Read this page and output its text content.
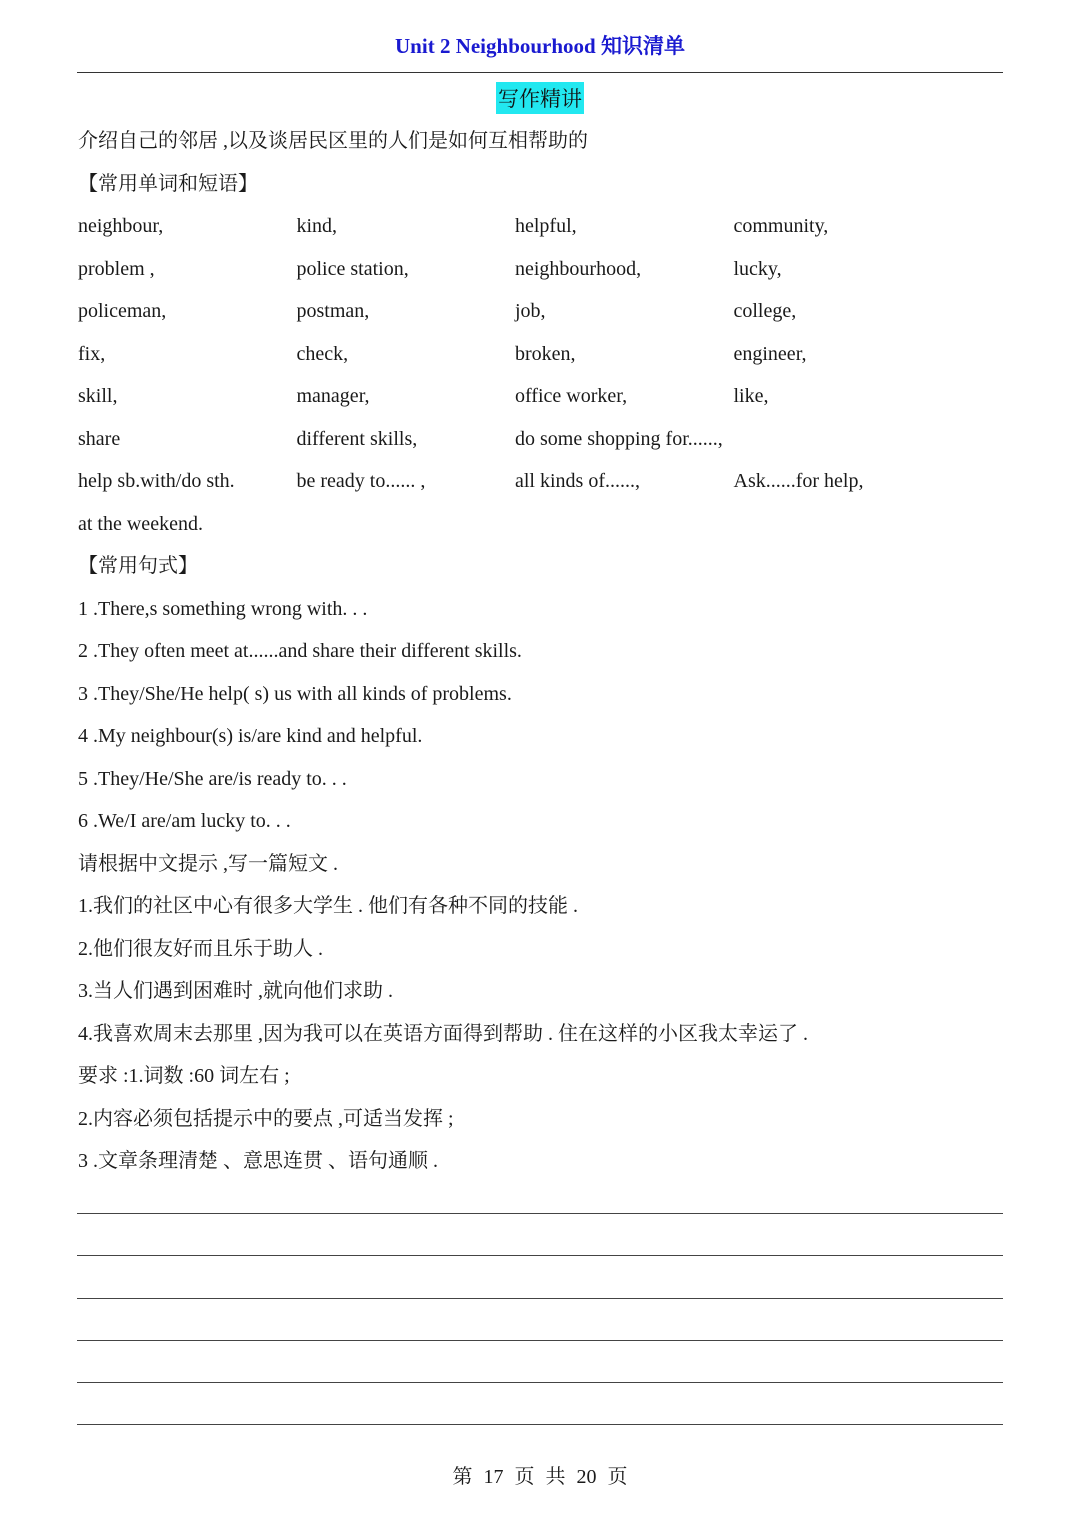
Unit 2 Neighbourhood 知识清单
写作精讲
介绍自己的邻居 ,以及谈居民区里的人们是如何互相帮助的
【常用单词和短语】
neighbour,	kind,	helpful,	community,
problem ,	police station,	neighbourhood,	lucky,
policeman,	postman,	job,	college,
fix,	check,	broken,	engineer,
skill,	manager,	office worker,	like,
share	different skills,	do some shopping for......,
help sb.with/do sth.	be ready to...... ,	all kinds of......,	Ask......for help,
at the weekend.
【常用句式】
1 .There,s something wrong with. . .
2 .They often meet at......and share their different skills.
3 .They/She/He help( s) us with all kinds of problems.
4 .My neighbour(s) is/are kind and helpful.
5 .They/He/She are/is ready to. . .
6 .We/I are/am lucky to. . .
请根据中文提示 ,写一篇短文 .
1.我们的社区中心有很多大学生 . 他们有各种不同的技能 .
2.他们很友好而且乐于助人 .
3.当人们遇到困难时 ,就向他们求助 .
4.我喜欢周末去那里 ,因为我可以在英语方面得到帮助 . 住在这样的小区我太幸运了 .
要求 :1.词数 :60 词左右 ;
2.内容必须包括提示中的要点 ,可适当发挥 ;
3 .文章条理清楚 、意思连贯 、语句通顺 .
第 17 页 共 20 页
